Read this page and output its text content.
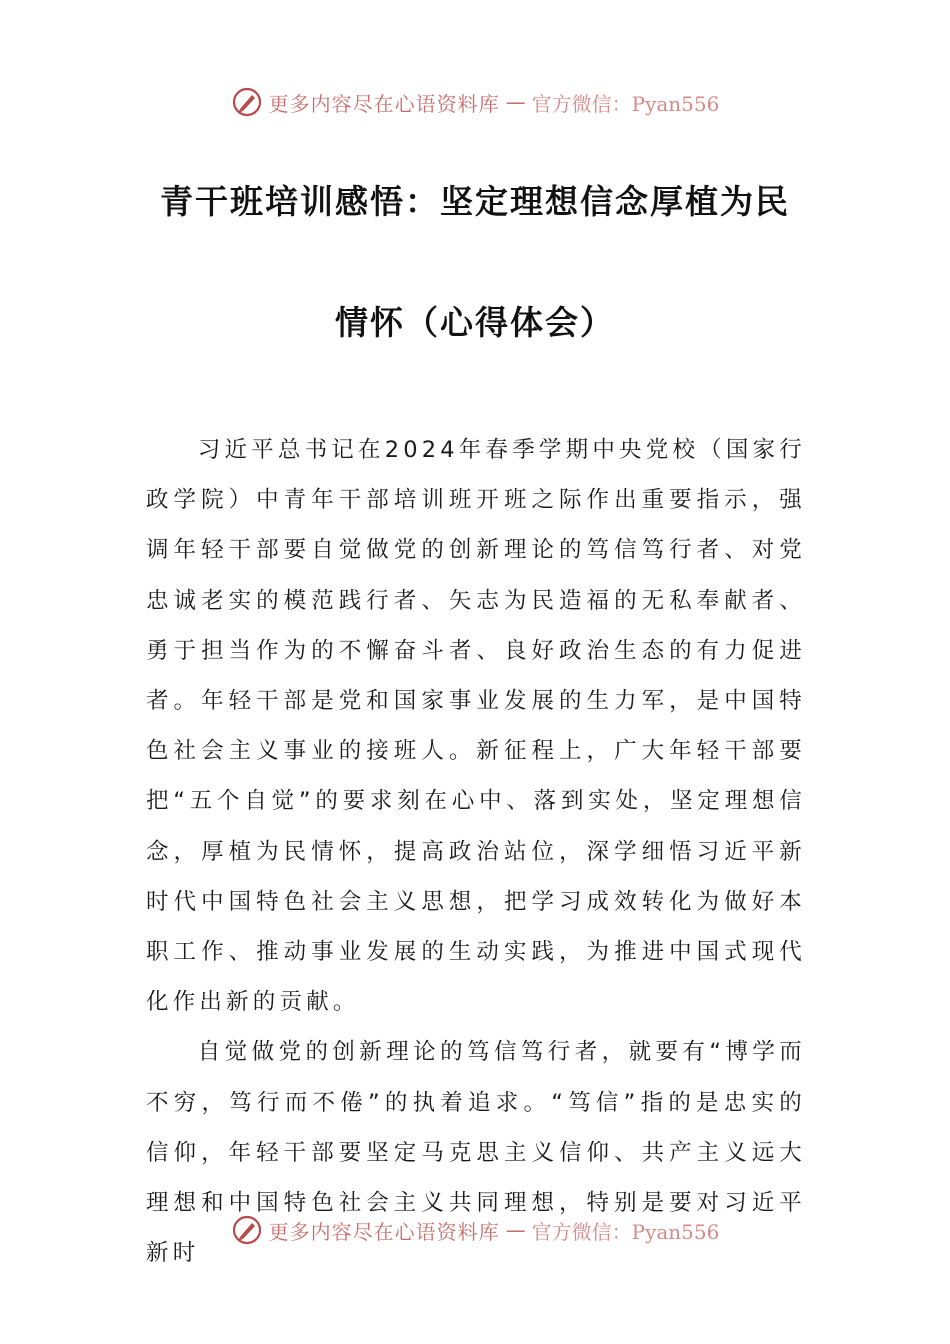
更多内容尽在心语资料库 — 官方微信：Pyan556
青干班培训感悟：坚定理想信念厚植为民
情怀（心得体会）

习近平总书记在2024年春季学期中央党校（国家行政学院）中青年干部培训班开班之际作出重要指示，强调年轻干部要自觉做党的创新理论的笃信笃行者、对党忠诚老实的模范践行者、矢志为民造福的无私奉献者、勇于担当作为的不懈奋斗者、良好政治生态的有力促进者。年轻干部是党和国家事业发展的生力军，是中国特色社会主义事业的接班人。新征程上，广大年轻干部要把“五个自觉”的要求刻在心中、落到实处，坚定理想信念，厚植为民情怀，提高政治站位，深学细悟习近平新时代中国特色社会主义思想，把学习成效转化为做好本职工作、推动事业发展的生动实践，为推进中国式现代化作出新的贡献。

自觉做党的创新理论的笃信笃行者，就要有“博学而不穷，笃行而不倦”的执着追求。“笃信”指的是忠实的信仰，年轻干部要坚定马克思主义信仰、共产主义远大理想和中国特色社会主义共同理想，特别是要对习近平新时

更多内容尽在心语资料库 — 官方微信：Pyan556
